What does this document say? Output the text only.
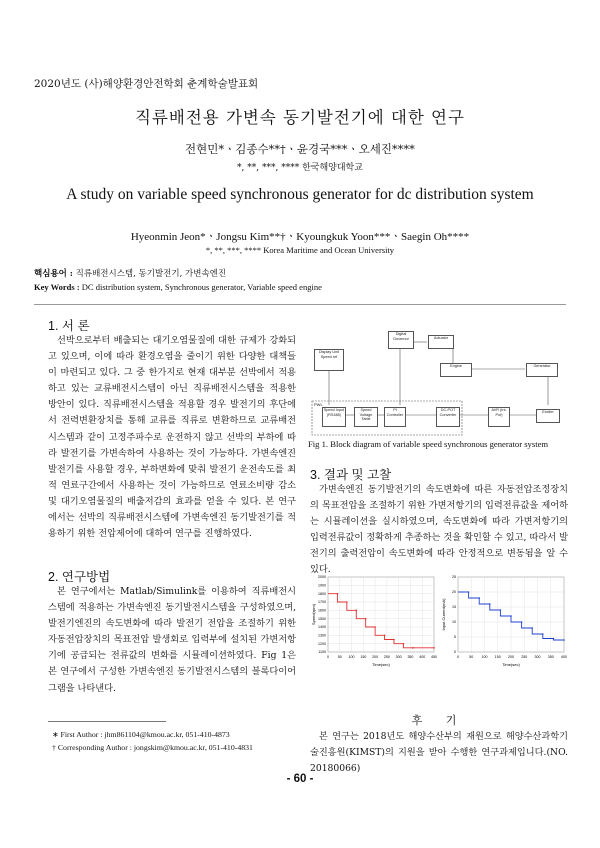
2020년도 (사)해양환경안전학회 춘계학술발표회
직류배전용 가변속 동기발전기에 대한 연구
전현민*ㆍ김종수**†ㆍ윤경국***ㆍ오세진****
*, **, ***, **** 한국해양대학교
A study on variable speed synchronous generator for dc distribution system
Hyeonmin Jeon*ㆍJongsu Kim**†ㆍKyoungkuk Yoon***ㆍSaegin Oh****
*, **, ***, **** Korea Maritime and Ocean University
핵심용어 : 직류배전시스템, 동기발전기, 가변속엔진
Key Words : DC distribution system, Synchronous generator, Variable speed engine
1. 서 론
선박으로부터 배출되는 대기오염물질에 대한 규제가 강화되고 있으며, 이에 따라 환경오염을 줄이기 위한 다양한 대책들이 마련되고 있다. 그 중 한가지로 현재 대부분 선박에서 적용하고 있는 교류배전시스템이 아닌 직류배전시스템을 적용한 방안이 있다. 직류배전시스템을 적용할 경우 발전기의 후단에서 전력변환장치를 통해 교류를 직류로 변환하므로 교류배전시스템과 같이 고정주파수로 운전하지 않고 선박의 부하에 따라 발전기를 가변속하여 사용하는 것이 가능하다. 가변속엔진 발전기를 사용할 경우, 부하변화에 맞춰 발전기 운전속도를 최적 연료구간에서 사용하는 것이 가능하므로 연료소비량 감소 및 대기오염물질의 배출저감의 효과를 얻을 수 있다. 본 연구에서는 선박의 직류배전시스템에 가변속엔진 동기발전기를 적용하기 위한 전압제어에 대하여 연구를 진행하였다.
2. 연구방법
본 연구에서는 Matlab/Simulink를 이용하여 직류배전시스템에 적용하는 가변속엔진 동기발전시스템을 구성하였으며, 발전기엔진의 속도변화에 따라 발전기 전압을 조절하기 위한 자동전압장치의 목표전압 발생회로 입력부에 설치된 가변저항기에 공급되는 전류값의 변화를 시뮬레이션하였다. Fig 1은 본 연구에서 구성한 가변속엔진 동기발전시스템의 블록다이어그램을 나타낸다.
∗ First Author : jhm861104@kmou.ac.kr, 051-410-4873
† Corresponding Author : jongskim@kmou.ac.kr, 051-410-4831
Display Unit Speed ref
Digital Governor	Actuator
Engine	Generator
PWL
Speed Input (RS485)
Speed Voltage Table
PI Controller
DC-POT Converter
AVR (Int. Pot)
Exciter
Fig 1. Block diagram of variable speed synchronous generator system
3. 결과 및 고찰
가변속엔진 동기발전기의 속도변화에 따른 자동전압조정장치의 목표전압을 조절하기 위한 가변저항기의 입력전류값을 제어하는 시뮬레이션을 실시하였으며, 속도변화에 따라 가변저항기의 입력전류값이 정확하게 추종하는 것을 확인할 수 있고, 따라서 발전기의 출력전압이 속도변화에 따라 안정적으로 변동됨을 알 수 있다.
0 50 100 150 200 250 300 350 400 450
1100
1200
1300
1400
1500
1600
1700
1800
1900
2000
Time(sec)
Speed(rpm)
0	50 100 150 200 250 300 350 400
0
5
10
15
20
25
Time(sec)
Input Current(mA)
후 기
본 연구는 2018년도 해양수산부의 재원으로 해양수산과학기술진흥원(KIMST)의 지원을 받아 수행한 연구과제입니다.(NO. 20180066)
- 60 -
